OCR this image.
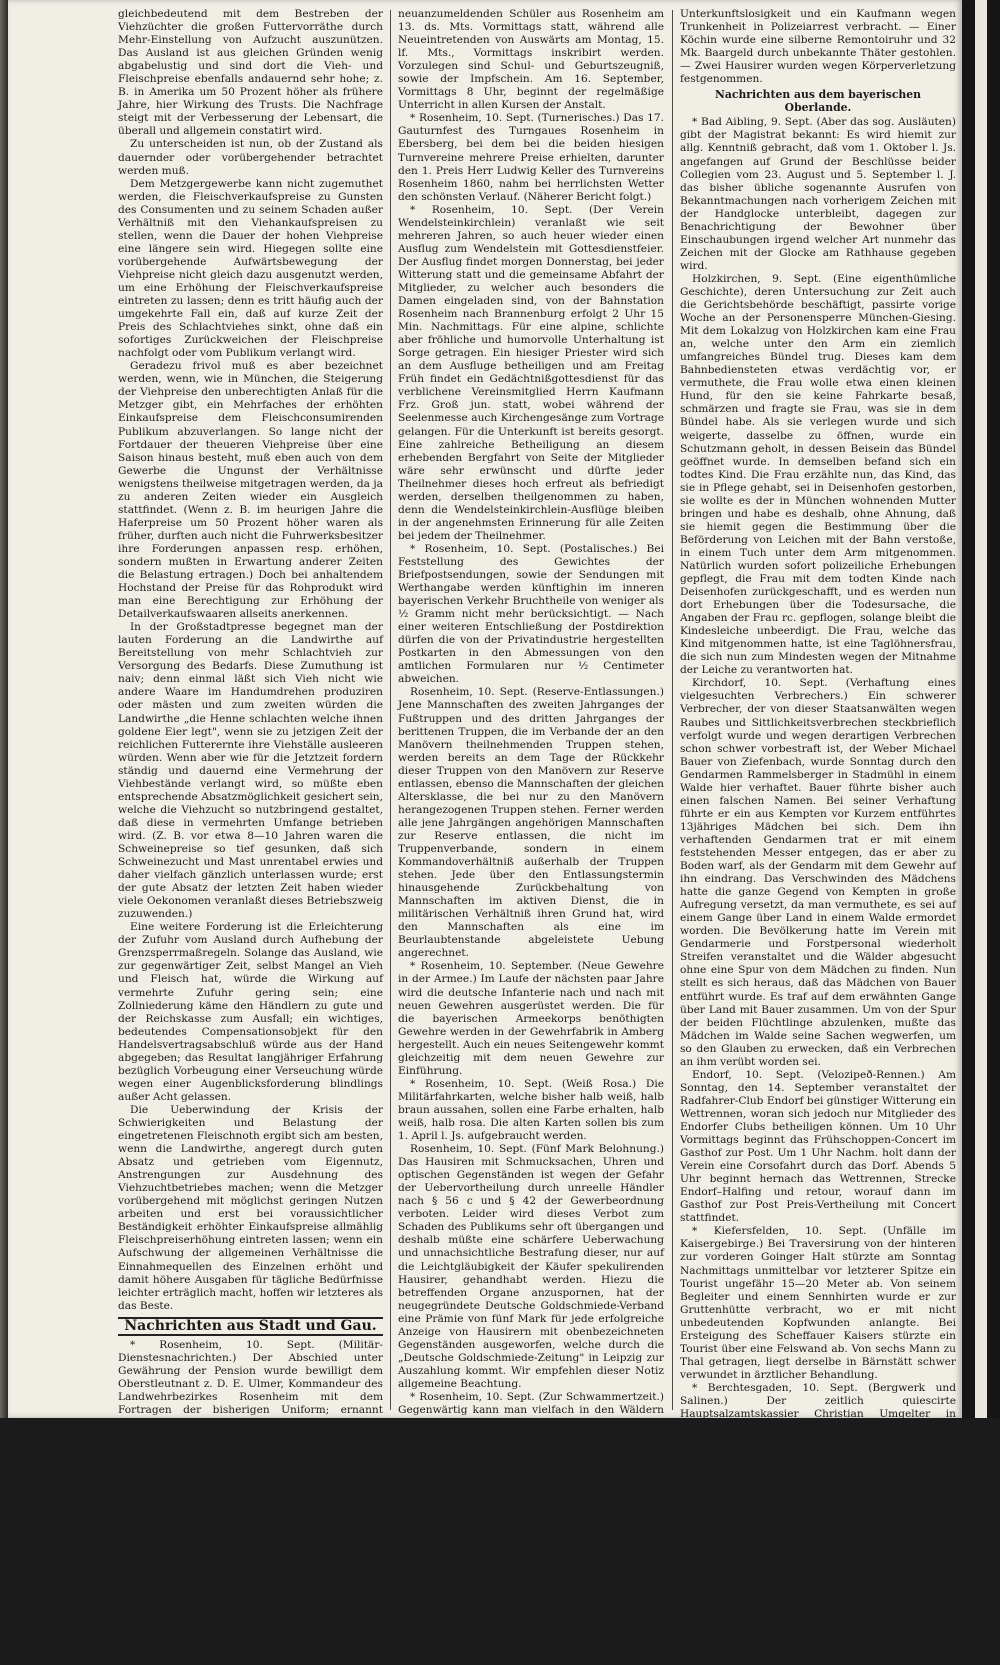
gleichbedeutend mit dem Bestreben der Viehzüchter die großen Futtervorräthe durch Mehr-Einstellung von Aufzucht auszunützen. Das Ausland ist aus gleichen Gründen wenig abgabelustig und sind dort die Vieh- und Fleischpreise ebenfalls andauernd sehr hohe; z. B. in Amerika um 50 Prozent höher als frühere Jahre, hier Wirkung des Trusts. Die Nachfrage steigt mit der Verbesserung der Lebensart, die überall und allgemein constatirt wird.

Zu unterscheiden ist nun, ob der Zustand als dauernder oder vorübergehender betrachtet werden muß.

Dem Metzgergewerbe kann nicht zugemuthet werden, die Fleischverkaufspreise zu Gunsten des Consumenten und zu seinem Schaden außer Verhältniß mit den Viehankaufspreisen zu stellen, wenn die Dauer der hohen Viehpreise eine längere sein wird. Hiegegen sollte eine vorübergehende Aufwärtsbewegung der Viehpreise nicht gleich dazu ausgenutzt werden, um eine Erhöhung der Fleischverkaufspreise eintreten zu lassen; denn es tritt häufig auch der umgekehrte Fall ein, daß auf kurze Zeit der Preis des Schlachtviehes sinkt, ohne daß ein sofortiges Zurückweichen der Fleischpreise nachfolgt oder vom Publikum verlangt wird.

Geradezu frivol muß es aber bezeichnet werden, wenn, wie in München, die Steigerung der Viehpreise den unberechtigten Anlaß für die Metzger gibt, ein Mehrfaches der erhöhten Einkaufspreise dem Fleischconsumirenden Publikum abzuverlangen. So lange nicht der Fortdauer der theueren Viehpreise über eine Saison hinaus besteht, muß eben auch von dem Gewerbe die Ungunst der Verhältnisse wenigstens theilweise mitgetragen werden, da ja zu anderen Zeiten wieder ein Ausgleich stattfindet. (Wenn z. B. im heurigen Jahre die Haferpreise um 50 Prozent höher waren als früher, durften auch nicht die Fuhrwerksbesitzer ihre Forderungen anpassen resp. erhöhen, sondern mußten in Erwartung anderer Zeiten die Belastung ertragen.) Doch bei anhaltendem Hochstand der Preise für das Rohprodukt wird man eine Berechtigung zur Erhöhung der Detailverkaufswaaren allseits anerkennen.

In der Großstadtpresse begegnet man der lauten Forderung an die Landwirthe auf Bereitstellung von mehr Schlachtvieh zur Versorgung des Bedarfs. Diese Zumuthung ist naiv; denn einmal läßt sich Vieh nicht wie andere Waare im Handumdrehen produziren oder mästen und zum zweiten würden die Landwirthe „die Henne schlachten welche ihnen goldene Eier legt", wenn sie zu jetzigen Zeit der reichlichen Futterernte ihre Viehställe ausleeren würden. Wenn aber wie für die Jetztzeit fordern ständig und dauernd eine Vermehrung der Viehbestände verlangt wird, so müßte eben entsprechende Absatzmöglichkeit gesichert sein, welche die Viehzucht so nutzbringend gestaltet, daß diese in vermehrten Umfange betrieben wird. (Z. B. vor etwa 8—10 Jahren waren die Schweinepreise so tief gesunken, daß sich Schweinezucht und Mast unrentabel erwies und daher vielfach gänzlich unterlassen wurde; erst der gute Absatz der letzten Zeit haben wieder viele Oekonomen veranlaßt dieses Betriebszweig zuzuwenden.)

Eine weitere Forderung ist die Erleichterung der Zufuhr vom Ausland durch Aufhebung der Grenzsperrmaßregeln. Solange das Ausland, wie zur gegenwärtiger Zeit, selbst Mangel an Vieh und Fleisch hat, würde die Wirkung auf vermehrte Zufuhr gering sein; eine Zollniederung käme den Händlern zu gute und der Reichskasse zum Ausfall; ein wichtiges, bedeutendes Compensationsobjekt für den Handelsvertragsabschluß würde aus der Hand abgegeben; das Resultat langjähriger Erfahrung bezüglich Vorbeugung einer Verseuchung würde wegen einer Augenblicksforderung blindlings außer Acht gelassen.

Die Ueberwindung der Krisis der Schwierigkeiten und Belastung der eingetretenen Fleischnoth ergibt sich am besten, wenn die Landwirthe, angeregt durch guten Absatz und getrieben vom Eigennutz, Anstrengungen zur Ausdehnung des Viehzuchtbetriebes machen; wenn die Metzger vorübergehend mit möglichst geringen Nutzen arbeiten und erst bei voraussichtlicher Beständigkeit erhöhter Einkaufspreise allmählig Fleischpreiserhöhung eintreten lassen; wenn ein Aufschwung der allgemeinen Verhältnisse die Einnahmequellen des Einzelnen erhöht und damit höhere Ausgaben für tägliche Bedürfnisse leichter erträglich macht, hoffen wir letzteres als das Beste.

Nachrichten aus Stadt und Gau.

* Rosenheim, 10. Sept. (Militär-Dienstesnachrichten.) Der Abschied unter Gewährung der Pension wurde bewilligt dem Oberstleutnant z. D. E. Ulmer, Kommandeur des Landwehrbezirkes Rosenheim mit dem Fortragen der bisherigen Uniform; ernannt wurde zum Kommandeur des Landwehrbezirkes Rosenheim der Major z. D. Gebhart. — Der Kommandeur der 3. Division Generalleutnant Edler v. Graubogl wurde mit Genehmigung seines Abschiedsgesuches und der gesetzlichen Pension zur Disposition gestellt unter Verleihung des Großkreuzes des Militär-Verdienstordens; ernannt wurde der Generalmajor Ritter v. Rittmann zum Kommandeur der 3. Division und zum Kommandeur der ersten Infanteriebrigade Ritter v. Zwehl, Direktor der Kriegsakademie.

Rosenheim, 10. Sept. (Vermessungsbehörde.) Zum Obergeometer beim Katasterbureau der Katastergeometer Christoph Schrott befördert; zum Katastergeometer beim Katasterbureau der Messungsassistent Otto Knappich ernannt.

* Rosenheim, 10. Sept. (Schuljahrbeginn.) An der hiesigen kgl. Realschule findet die Einschreibung der

neuanzumeldenden Schüler aus Rosenheim am 13. ds. Mts. Vormittags statt, während alle Neueintretenden von Auswärts am Montag, 15. lf. Mts., Vormittags inskribirt werden. Vorzulegen sind Schul- und Geburtszeugniß, sowie der Impfschein. Am 16. September, Vormittags 8 Uhr, beginnt der regelmäßige Unterricht in allen Kursen der Anstalt.

* Rosenheim, 10. Sept. (Turnerisches.) Das 17. Gauturnfest des Turngaues Rosenheim in Ebersberg, bei dem bei die beiden hiesigen Turnvereine mehrere Preise erhielten, darunter den 1. Preis Herr Ludwig Keller des Turnvereins Rosenheim 1860, nahm bei herrlichsten Wetter den schönsten Verlauf. (Näherer Bericht folgt.)

* Rosenheim, 10. Sept. (Der Verein Wendelsteinkirchlein) veranlaßt wie seit mehreren Jahren, so auch heuer wieder einen Ausflug zum Wendelstein mit Gottesdienstfeier. Der Ausflug findet morgen Donnerstag, bei jeder Witterung statt und die gemeinsame Abfahrt der Mitglieder, zu welcher auch besonders die Damen eingeladen sind, von der Bahnstation Rosenheim nach Brannenburg erfolgt 2 Uhr 15 Min. Nachmittags. Für eine alpine, schlichte aber fröhliche und humorvolle Unterhaltung ist Sorge getragen. Ein hiesiger Priester wird sich an dem Ausfluge betheiligen und am Freitag Früh findet ein Gedächtnißgottesdienst für das verblichene Vereinsmitglied Herrn Kaufmann Frz. Groß jun. statt, wobei während der Seelenmesse auch Kirchengesänge zum Vortrage gelangen. Für die Unterkunft ist bereits gesorgt. Eine zahlreiche Betheiligung an diesem erhebenden Bergfahrt von Seite der Mitglieder wäre sehr erwünscht und dürfte jeder Theilnehmer dieses hoch erfreut als befriedigt werden, derselben theilgenommen zu haben, denn die Wendelsteinkirchlein-Ausflüge bleiben in der angenehmsten Erinnerung für alle Zeiten bei jedem der Theilnehmer.

* Rosenheim, 10. Sept. (Postalisches.) Bei Feststellung des Gewichtes der Briefpostsendungen, sowie der Sendungen mit Werthangabe werden künftighin im inneren bayerischen Verkehr Bruchtheile von weniger als ½ Gramm nicht mehr berücksichtigt. — Nach einer weiteren Entschließung der Postdirektion dürfen die von der Privatindustrie hergestellten Postkarten in den Abmessungen von den amtlichen Formularen nur ½ Centimeter abweichen.

Rosenheim, 10. Sept. (Reserve-Entlassungen.) Jene Mannschaften des zweiten Jahrganges der Fußtruppen und des dritten Jahrganges der berittenen Truppen, die im Verbande der an den Manövern theilnehmenden Truppen stehen, werden bereits an dem Tage der Rückkehr dieser Truppen von den Manövern zur Reserve entlassen, ebenso die Mannschaften der gleichen Altersklasse, die bei nur zu den Manövern herangezogenen Truppen stehen. Ferner werden alle jene Jahrgängen angehörigen Mannschaften zur Reserve entlassen, die nicht im Truppenverbande, sondern in einem Kommandoverhältniß außerhalb der Truppen stehen. Jede über den Entlassungstermin hinausgehende Zurückbehaltung von Mannschaften im aktiven Dienst, die in militärischen Verhältniß ihren Grund hat, wird den Mannschaften als eine im Beurlaubtenstande abgeleistete Uebung angerechnet.

* Rosenheim, 10. September. (Neue Gewehre in der Armee.) Im Laufe der nächsten paar Jahre wird die deutsche Infanterie nach und nach mit neuen Gewehren ausgerüstet werden. Die für die bayerischen Armeekorps benöthigten Gewehre werden in der Gewehrfabrik in Amberg hergestellt. Auch ein neues Seitengewehr kommt gleichzeitig mit dem neuen Gewehre zur Einführung.

* Rosenheim, 10. Sept. (Weiß Rosa.) Die Militärfahrkarten, welche bisher halb weiß, halb braun aussahen, sollen eine Farbe erhalten, halb weiß, halb rosa. Die alten Karten sollen bis zum 1. April l. Js. aufgebraucht werden.

Rosenheim, 10. Sept. (Fünf Mark Belohnung.) Das Hausiren mit Schmucksachen, Uhren und optischen Gegenständen ist wegen der Gefahr der Uebervortheilung durch unreelle Händler nach § 56 c und § 42 der Gewerbeordnung verboten. Leider wird dieses Verbot zum Schaden des Publikums sehr oft übergangen und deshalb müßte eine schärfere Ueberwachung und unnachsichtliche Bestrafung dieser, nur auf die Leichtgläubigkeit der Käufer spekulirenden Hausirer, gehandhabt werden. Hiezu die betreffenden Organe anzuspornen, hat der neugegründete Deutsche Goldschmiede-Verband eine Prämie von fünf Mark für jede erfolgreiche Anzeige von Hausirern mit obenbezeichneten Gegenständen ausgeworfen, welche durch die „Deutsche Goldschmiede-Zeitung" in Leipzig zur Auszahlung kommt. Wir empfehlen dieser Notiz allgemeine Beachtung.

* Rosenheim, 10. Sept. (Zur Schwammertzeit.) Gegenwärtig kann man vielfach in den Wäldern die Wahrnehmung machen, daß die Schwämme sammt dem Stiel aus dem Boden gerissen werden. Dieser Fehler wird zumeist von solchen Sammlern begangen, welchen die Fortpflanzung der Pilze unbekannt ist. Die unausbleibliche Folge dieser Art von Schwämmesammeln ist, daß dieselben ausgerottet werden. Nachdem unsere Waldschwämme nicht nur zu unterschätzendes Nahrungs- und Genußmittel bilden, verdienen sie einen besonderen Schutz, zumal sie sich überhaupt nicht in jedem Jahr in gleichen Mengen auftreten. Am Besten ist es, wenn man die Schwämme 4—5 Centimeter vom Boden entfernt am Stiele abschneidet; der unterste Theil des Stieles ist ja ohnehin nicht genießbar.

Polizeibericht.

P Rosenheim, 10. Sept. Ein Hafner wurde wegen

Unterkunftslosigkeit und ein Kaufmann wegen Trunkenheit in Polizeiarrest verbracht. — Einer Köchin wurde eine silberne Remontoiruhr und 32 Mk. Baargeld durch unbekannte Thäter gestohlen. — Zwei Hausirer wurden wegen Körperverletzung festgenommen.

Nachrichten aus dem bayerischen Oberlande.

* Bad Aibling, 9. Sept. (Aber das sog. Ausläuten) gibt der Magistrat bekannt: Es wird hiemit zur allg. Kenntniß gebracht, daß vom 1. Oktober l. Js. angefangen auf Grund der Beschlüsse beider Collegien vom 23. August und 5. September l. J. das bisher übliche sogenannte Ausrufen von Bekanntmachungen nach vorherigem Zeichen mit der Handglocke unterbleibt, dagegen zur Benachrichtigung der Bewohner über Einschaubungen irgend welcher Art nunmehr das Zeichen mit der Glocke am Rathhause gegeben wird.

Holzkirchen, 9. Sept. (Eine eigenthümliche Geschichte), deren Untersuchung zur Zeit auch die Gerichtsbehörde beschäftigt, passirte vorige Woche an der Personensperre München-Giesing. Mit dem Lokalzug von Holzkirchen kam eine Frau an, welche unter den Arm ein ziemlich umfangreiches Bündel trug. Dieses kam dem Bahnbediensteten etwas verdächtig vor, er vermuthete, die Frau wolle etwa einen kleinen Hund, für den sie keine Fahrkarte besaß, schmärzen und fragte sie Frau, was sie in dem Bündel habe. Als sie verlegen wurde und sich weigerte, dasselbe zu öffnen, wurde ein Schutzmann geholt, in dessen Beisein das Bündel geöffnet wurde. In demselben befand sich ein todtes Kind. Die Frau erzählte nun, das Kind, das sie in Pflege gehabt, sei in Deisenhofen gestorben, sie wollte es der in München wohnenden Mutter bringen und habe es deshalb, ohne Ahnung, daß sie hiemit gegen die Bestimmung über die Beförderung von Leichen mit der Bahn verstoße, in einem Tuch unter dem Arm mitgenommen. Natürlich wurden sofort polizeiliche Erhebungen gepflegt, die Frau mit dem todten Kinde nach Deisenhofen zurückgeschafft, und es werden nun dort Erhebungen über die Todesursache, die Angaben der Frau rc. gepflogen, solange bleibt die Kindesleiche unbeerdigt. Die Frau, welche das Kind mitgenommen hatte, ist eine Taglöhnersfrau, die sich nun zum Mindesten wegen der Mitnahme der Leiche zu verantworten hat.

Kirchdorf, 10. Sept. (Verhaftung eines vielgesuchten Verbrechers.) Ein schwerer Verbrecher, der von dieser Staatsanwälten wegen Raubes und Sittlichkeitsverbrechen steckbrieflich verfolgt wurde und wegen derartigen Verbrechen schon schwer vorbestraft ist, der Weber Michael Bauer von Ziefenbach, wurde Sonntag durch den Gendarmen Rammelsberger in Stadmühl in einem Walde hier verhaftet. Bauer führte bisher auch einen falschen Namen. Bei seiner Verhaftung führte er ein aus Kempten vor Kurzem entführtes 13jähriges Mädchen bei sich. Dem ihn verhaftenden Gendarmen trat er mit einem feststehenden Messer entgegen, das er aber zu Boden warf, als der Gendarm mit dem Gewehr auf ihn eindrang. Das Verschwinden des Mädchens hatte die ganze Gegend von Kempten in große Aufregung versetzt, da man vermuthete, es sei auf einem Gange über Land in einem Walde ermordet worden. Die Bevölkerung hatte im Verein mit Gendarmerie und Forstpersonal wiederholt Streifen veranstaltet und die Wälder abgesucht ohne eine Spur von dem Mädchen zu finden. Nun stellt es sich heraus, daß das Mädchen von Bauer entführt wurde. Es traf auf dem erwähnten Gange über Land mit Bauer zusammen. Um von der Spur der beiden Flüchtlinge abzulenken, mußte das Mädchen im Walde seine Sachen wegwerfen, um so den Glauben zu erwecken, daß ein Verbrechen an ihm verübt worden sei.

Endorf, 10. Sept. (Velozipeð-Rennen.) Am Sonntag, den 14. September veranstaltet der Radfahrer-Club Endorf bei günstiger Witterung ein Wettrennen, woran sich jedoch nur Mitglieder des Endorfer Clubs betheiligen können. Um 10 Uhr Vormittags beginnt das Frühschoppen-Concert im Gasthof zur Post. Um 1 Uhr Nachm. holt dann der Verein eine Corsofahrt durch das Dorf. Abends 5 Uhr beginnt hernach das Wettrennen, Strecke Endorf–Halfing und retour, worauf dann im Gasthof zur Post Preis-Vertheilung mit Concert stattfindet.

* Kiefersfelden, 10. Sept. (Unfälle im Kaisergebirge.) Bei Traversirung von der hinteren zur vorderen Goinger Halt stürzte am Sonntag Nachmittags unmittelbar vor letzterer Spitze ein Tourist ungefähr 15—20 Meter ab. Von seinem Begleiter und einem Sennhirten wurde er zur Gruttenhütte verbracht, wo er mit nicht unbedeutenden Kopfwunden anlangte. Bei Ersteigung des Scheffauer Kaisers stürzte ein Tourist über eine Felswand ab. Von sechs Mann zu Thal getragen, liegt derselbe in Bärnstätt schwer verwundet in ärztlicher Behandlung.

* Berchtesgaden, 10. Sept. (Bergwerk und Salinen.) Der zeitlich quiescirte Hauptsalzamtskassier Christian Umgelter in Berchtesgaden wurde unter Anerkennung seiner treuen und ersprießlichen Dienste definitiv in den Ruhestand versetzt.

Erl b. Kufstein (Tirol), 10. Sept. (Das Passionsspiel.) Um einem vielfachen Wunsche gerecht zu werden, entschloß sich die hiesige Passionsspielgesellschaft noch zwei Nachspiele zu geben, und zwar am 21. und 24. September von halb 12 Uhr Mittags bis halb 6 Uhr Abends, worauf die Freunde dieses Passionsspieles aufmerksam gemacht werden. Besonders dürfte der letztgenannte Tag allen jenen Personen, die an einem Sonntage zum Besuche dieses erhabenen Dramas keine Zeit finden, sehr willkommen sein.
